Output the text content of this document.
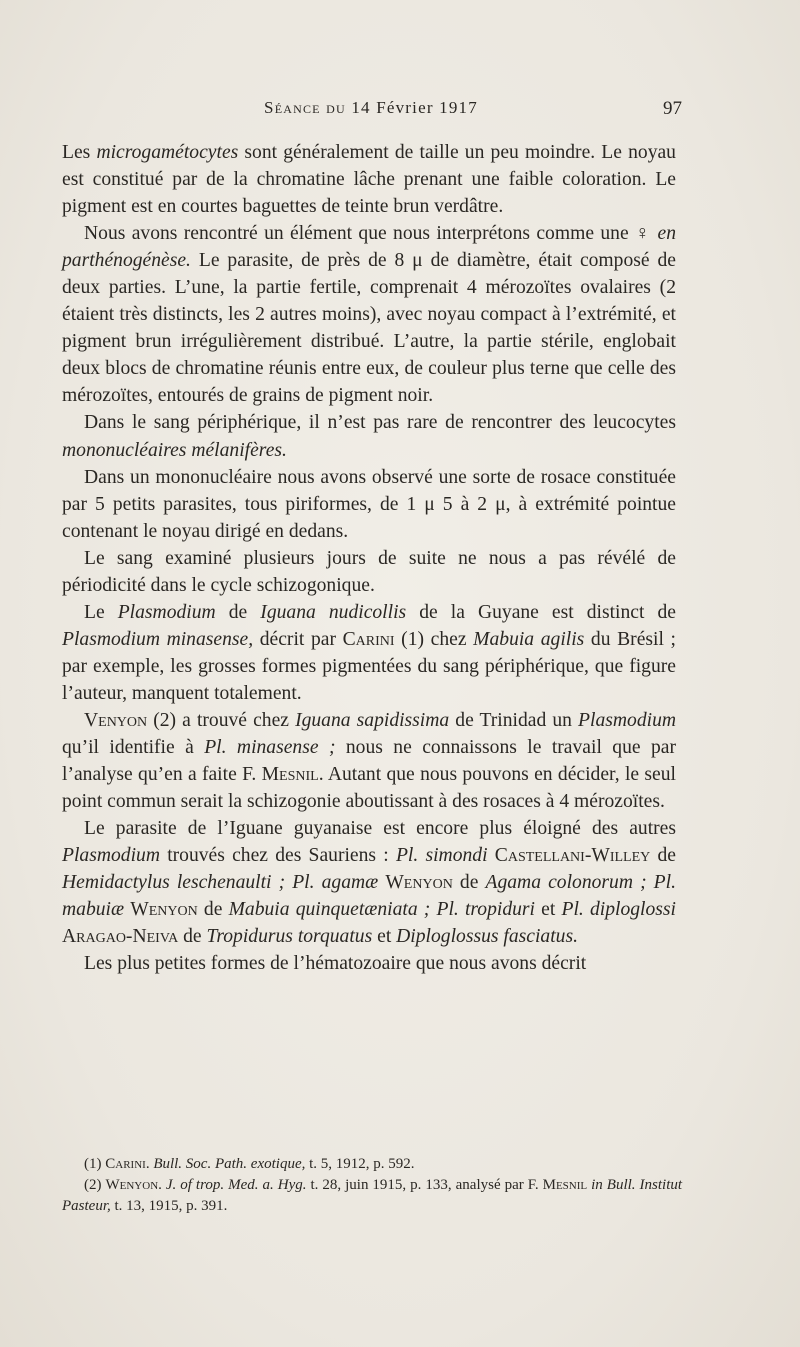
Séance du 14 Février 1917	97

Les microgamétocytes sont généralement de taille un peu moindre. Le noyau est constitué par de la chromatine lâche prenant une faible coloration. Le pigment est en courtes baguettes de teinte brun verdâtre.

Nous avons rencontré un élément que nous interprétons comme une ♀ en parthénogénèse. Le parasite, de près de 8 μ de diamètre, était composé de deux parties. L’une, la partie fertile, comprenait 4 mérozoïtes ovalaires (2 étaient très distincts, les 2 autres moins), avec noyau compact à l’extrémité, et pigment brun irrégulièrement distribué. L’autre, la partie stérile, englobait deux blocs de chromatine réunis entre eux, de couleur plus terne que celle des mérozoïtes, entourés de grains de pigment noir.

Dans le sang périphérique, il n’est pas rare de rencontrer des leucocytes mononucléaires mélanifères.

Dans un mononucléaire nous avons observé une sorte de rosace constituée par 5 petits parasites, tous piriformes, de 1 μ 5 à 2 μ, à extrémité pointue contenant le noyau dirigé en dedans.

Le sang examiné plusieurs jours de suite ne nous a pas révélé de périodicité dans le cycle schizogonique.

Le Plasmodium de Iguana nudicollis de la Guyane est distinct de Plasmodium minasense, décrit par Carini (1) chez Mabuia agilis du Brésil ; par exemple, les grosses formes pigmentées du sang périphérique, que figure l’auteur, manquent totalement.

Venyon (2) a trouvé chez Iguana sapidissima de Trinidad un Plasmodium qu’il identifie à Pl. minasense ; nous ne connaissons le travail que par l’analyse qu’en a faite F. Mesnil. Autant que nous pouvons en décider, le seul point commun serait la schizogonie aboutissant à des rosaces à 4 mérozoïtes.

Le parasite de l’Iguane guyanaise est encore plus éloigné des autres Plasmodium trouvés chez des Sauriens : Pl. simondi Castellani-Willey de Hemidactylus leschenaulti ; Pl. agamæ Wenyon de Agama colonorum ; Pl. mabuiæ Wenyon de Mabuia quinquetæniata ; Pl. tropiduri et Pl. diploglossi Aragao-Neiva de Tropidurus torquatus et Diploglossus fasciatus.

Les plus petites formes de l’hématozoaire que nous avons décrit

(1) Carini. Bull. Soc. Path. exotique, t. 5, 1912, p. 592.

(2) Wenyon. J. of trop. Med. a. Hyg. t. 28, juin 1915, p. 133, analysé par F. Mesnil in Bull. Institut Pasteur, t. 13, 1915, p. 391.
